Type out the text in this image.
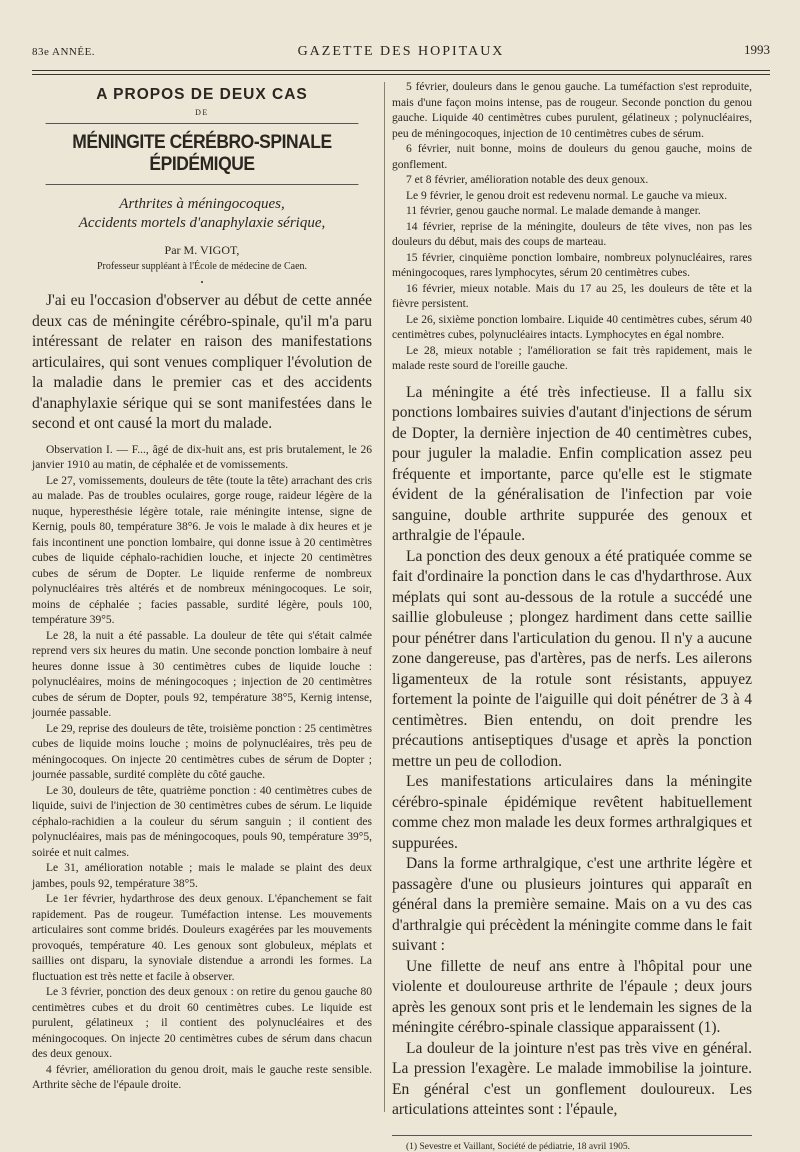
83e ANNÉE.	GAZETTE DES HOPITAUX	1993
A PROPOS DE DEUX CAS
DE
MÉNINGITE CÉRÉBRO-SPINALE ÉPIDÉMIQUE
Arthrites à méningocoques,
Accidents mortels d'anaphylaxie sérique,
Par M. VIGOT,
Professeur suppléant à l'École de médecine de Caen.
•

J'ai eu l'occasion d'observer au début de cette année deux cas de méningite cérébro-spinale, qu'il m'a paru intéressant de relater en raison des manifestations articulaires, qui sont venues compliquer l'évolution de la maladie dans le premier cas et des accidents d'anaphylaxie sérique qui se sont manifestées dans le second et ont causé la mort du malade.

Observation I. — F..., âgé de dix-huit ans, est pris brutalement, le 26 janvier 1910 au matin, de céphalée et de vomissements.

Le 27, vomissements, douleurs de tête (toute la tête) arrachant des cris au malade. Pas de troubles oculaires, gorge rouge, raideur légère de la nuque, hyperesthésie légère totale, raie méningite intense, signe de Kernig, pouls 80, température 38°6. Je vois le malade à dix heures et je fais incontinent une ponction lombaire, qui donne issue à 20 centimètres cubes de liquide céphalo-rachidien louche, et injecte 20 centimètres cubes de sérum de Dopter. Le liquide renferme de nombreux polynucléaires très altérés et de nombreux méningocoques. Le soir, moins de céphalée ; facies passable, surdité légère, pouls 100, température 39°5.

Le 28, la nuit a été passable. La douleur de tête qui s'était calmée reprend vers six heures du matin. Une seconde ponction lombaire à neuf heures donne issue à 30 centimètres cubes de liquide louche : polynucléaires, moins de méningocoques ; injection de 20 centimètres cubes de sérum de Dopter, pouls 92, température 38°5, Kernig intense, journée passable.

Le 29, reprise des douleurs de tête, troisième ponction : 25 centimètres cubes de liquide moins louche ; moins de polynucléaires, très peu de méningocoques. On injecte 20 centimètres cubes de sérum de Dopter ; journée passable, surdité complète du côté gauche.

Le 30, douleurs de tête, quatrième ponction : 40 centimètres cubes de liquide, suivi de l'injection de 30 centimètres cubes de sérum. Le liquide céphalo-rachidien a la couleur du sérum sanguin ; il contient des polynucléaires, mais pas de méningocoques, pouls 90, température 39°5, soirée et nuit calmes.

Le 31, amélioration notable ; mais le malade se plaint des deux jambes, pouls 92, température 38°5.

Le 1er février, hydarthrose des deux genoux. L'épanchement se fait rapidement. Pas de rougeur. Tuméfaction intense. Les mouvements articulaires sont comme bridés. Douleurs exagérées par les mouvements provoqués, température 40. Les genoux sont globuleux, méplats et saillies ont disparu, la synoviale distendue a arrondi les formes. La fluctuation est très nette et facile à observer.

Le 3 février, ponction des deux genoux : on retire du genou gauche 80 centimètres cubes et du droit 60 centimètres cubes. Le liquide est purulent, gélatineux ; il contient des polynucléaires et des méningocoques. On injecte 20 centimètres cubes de sérum dans chacun des deux genoux.

4 février, amélioration du genou droit, mais le gauche reste sensible. Arthrite sèche de l'épaule droite.

5 février, douleurs dans le genou gauche. La tuméfaction s'est reproduite, mais d'une façon moins intense, pas de rougeur. Seconde ponction du genou gauche. Liquide 40 centimètres cubes purulent, gélatineux ; polynucléaires, peu de méningocoques, injection de 10 centimètres cubes de sérum.

6 février, nuit bonne, moins de douleurs du genou gauche, moins de gonflement.

7 et 8 février, amélioration notable des deux genoux.

Le 9 février, le genou droit est redevenu normal. Le gauche va mieux.

11 février, genou gauche normal. Le malade demande à manger.

14 février, reprise de la méningite, douleurs de tête vives, non pas les douleurs du début, mais des coups de marteau.

15 février, cinquième ponction lombaire, nombreux polynucléaires, rares méningocoques, rares lymphocytes, sérum 20 centimètres cubes.

16 février, mieux notable. Mais du 17 au 25, les douleurs de tête et la fièvre persistent.

Le 26, sixième ponction lombaire. Liquide 40 centimètres cubes, sérum 40 centimètres cubes, polynucléaires intacts. Lymphocytes en égal nombre.

Le 28, mieux notable ; l'amélioration se fait très rapidement, mais le malade reste sourd de l'oreille gauche.

La méningite a été très infectieuse. Il a fallu six ponctions lombaires suivies d'autant d'injections de sérum de Dopter, la dernière injection de 40 centimètres cubes, pour juguler la maladie. Enfin complication assez peu fréquente et importante, parce qu'elle est le stigmate évident de la généralisation de l'infection par voie sanguine, double arthrite suppurée des genoux et arthralgie de l'épaule.

La ponction des deux genoux a été pratiquée comme se fait d'ordinaire la ponction dans le cas d'hydarthrose. Aux méplats qui sont au-dessous de la rotule a succédé une saillie globuleuse ; plongez hardiment dans cette saillie pour pénétrer dans l'articulation du genou. Il n'y a aucune zone dangereuse, pas d'artères, pas de nerfs. Les ailerons ligamenteux de la rotule sont résistants, appuyez fortement la pointe de l'aiguille qui doit pénétrer de 3 à 4 centimètres. Bien entendu, on doit prendre les précautions antiseptiques d'usage et après la ponction mettre un peu de collodion.

Les manifestations articulaires dans la méningite cérébro-spinale épidémique revêtent habituellement comme chez mon malade les deux formes arthralgiques et suppurées.

Dans la forme arthralgique, c'est une arthrite légère et passagère d'une ou plusieurs jointures qui apparaît en général dans la première semaine. Mais on a vu des cas d'arthralgie qui précèdent la méningite comme dans le fait suivant :

Une fillette de neuf ans entre à l'hôpital pour une violente et douloureuse arthrite de l'épaule ; deux jours après les genoux sont pris et le lendemain les signes de la méningite cérébro-spinale classique apparaissent (1).

La douleur de la jointure n'est pas très vive en général. La pression l'exagère. Le malade immobilise la jointure. En général c'est un gonflement douloureux. Les articulations atteintes sont : l'épaule,

(1) Sevestre et Vaillant, Société de pédiatrie, 18 avril 1905.
